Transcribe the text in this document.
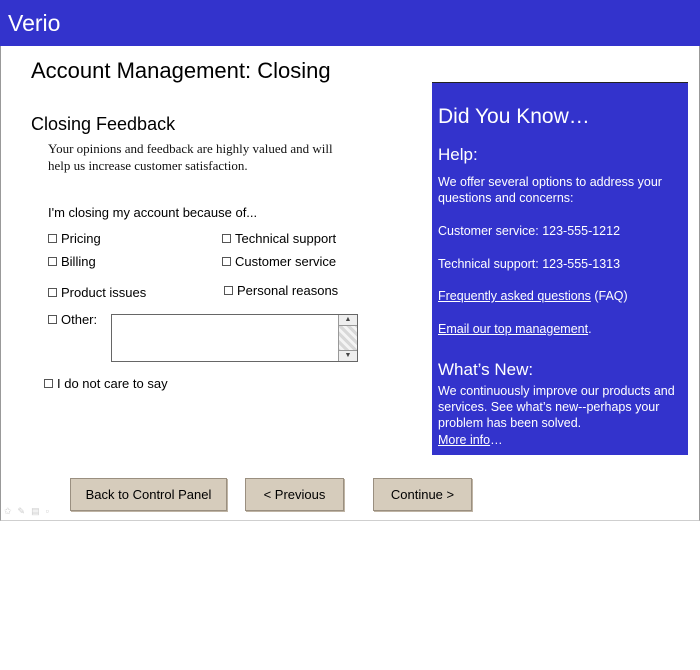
Verio
Account Management: Closing
Closing Feedback
Your opinions and feedback are highly valued and will help us increase customer satisfaction.
I'm closing my account because of...
Pricing	Technical support
Billing	Customer service
Product issues	Personal reasons
Other:	▲
▼
I do not care to say
Did You Know…
Help:
We offer several options to address your questions and concerns:
Customer service: 123-555-1212
Technical support: 123-555-1313
Frequently asked questions (FAQ)
Email our top management.
What’s New:
We continuously improve our products and services. See what’s new--perhaps your problem has been solved.
More info…
Back to Control Panel	< Previous	Continue >
✩✎▤▫
